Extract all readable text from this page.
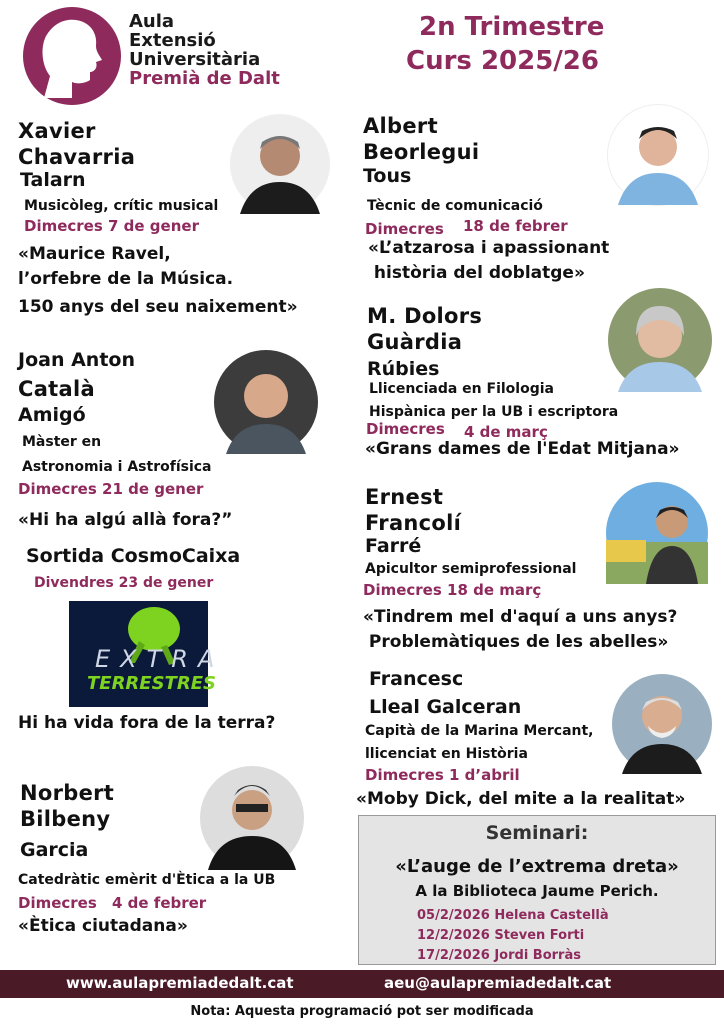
Aula
Extensió
Universitària
Premià de Dalt
2n Trimestre
Curs 2025/26
Xavier
Chavarria
Talarn
Musicòleg, crític musical
Dimecres 7 de gener
«Maurice Ravel,
l’orfebre de la Música.
150 anys del seu naixement»
Joan Anton
Català
Amigó
Màster en
Astronomia i Astrofísica
Dimecres 21 de gener
«Hi ha algú allà fora?”
Sortida CosmoCaixa
Divendres 23 de gener
EXTRA
TERRESTRES
Hi ha vida fora de la terra?
Norbert
Bilbeny
Garcia
Catedràtic emèrit d'Ètica a la UB
Dimecres 4 de febrer
«Ètica ciutadana»
Albert
Beorlegui
Tous
Tècnic de comunicació
Dimecres 18 de febrer
«L’atzarosa i apassionant
història del doblatge»
M. Dolors
Guàrdia
Rúbies
Llicenciada en Filologia
Hispànica per la UB i escriptora
Dimecres 4 de març
«Grans dames de l'Edat Mitjana»
Ernest
Francolí
Farré
Apicultor semiprofessional
Dimecres 18 de març
«Tindrem mel d'aquí a uns anys?
Problemàtiques de les abelles»
Francesc
Lleal Galceran
Capità de la Marina Mercant,
llicenciat en Història
Dimecres 1 d’abril
«Moby Dick, del mite a la realitat»
Seminari:
«L’auge de l’extrema dreta»
A la Biblioteca Jaume Perich.
05/2/2026 Helena Castellà
12/2/2026 Steven Forti
17/2/2026 Jordi Borràs
www.aulapremiadedalt.cat	aeu@aulapremiadedalt.cat
Nota: Aquesta programació pot ser modificada
